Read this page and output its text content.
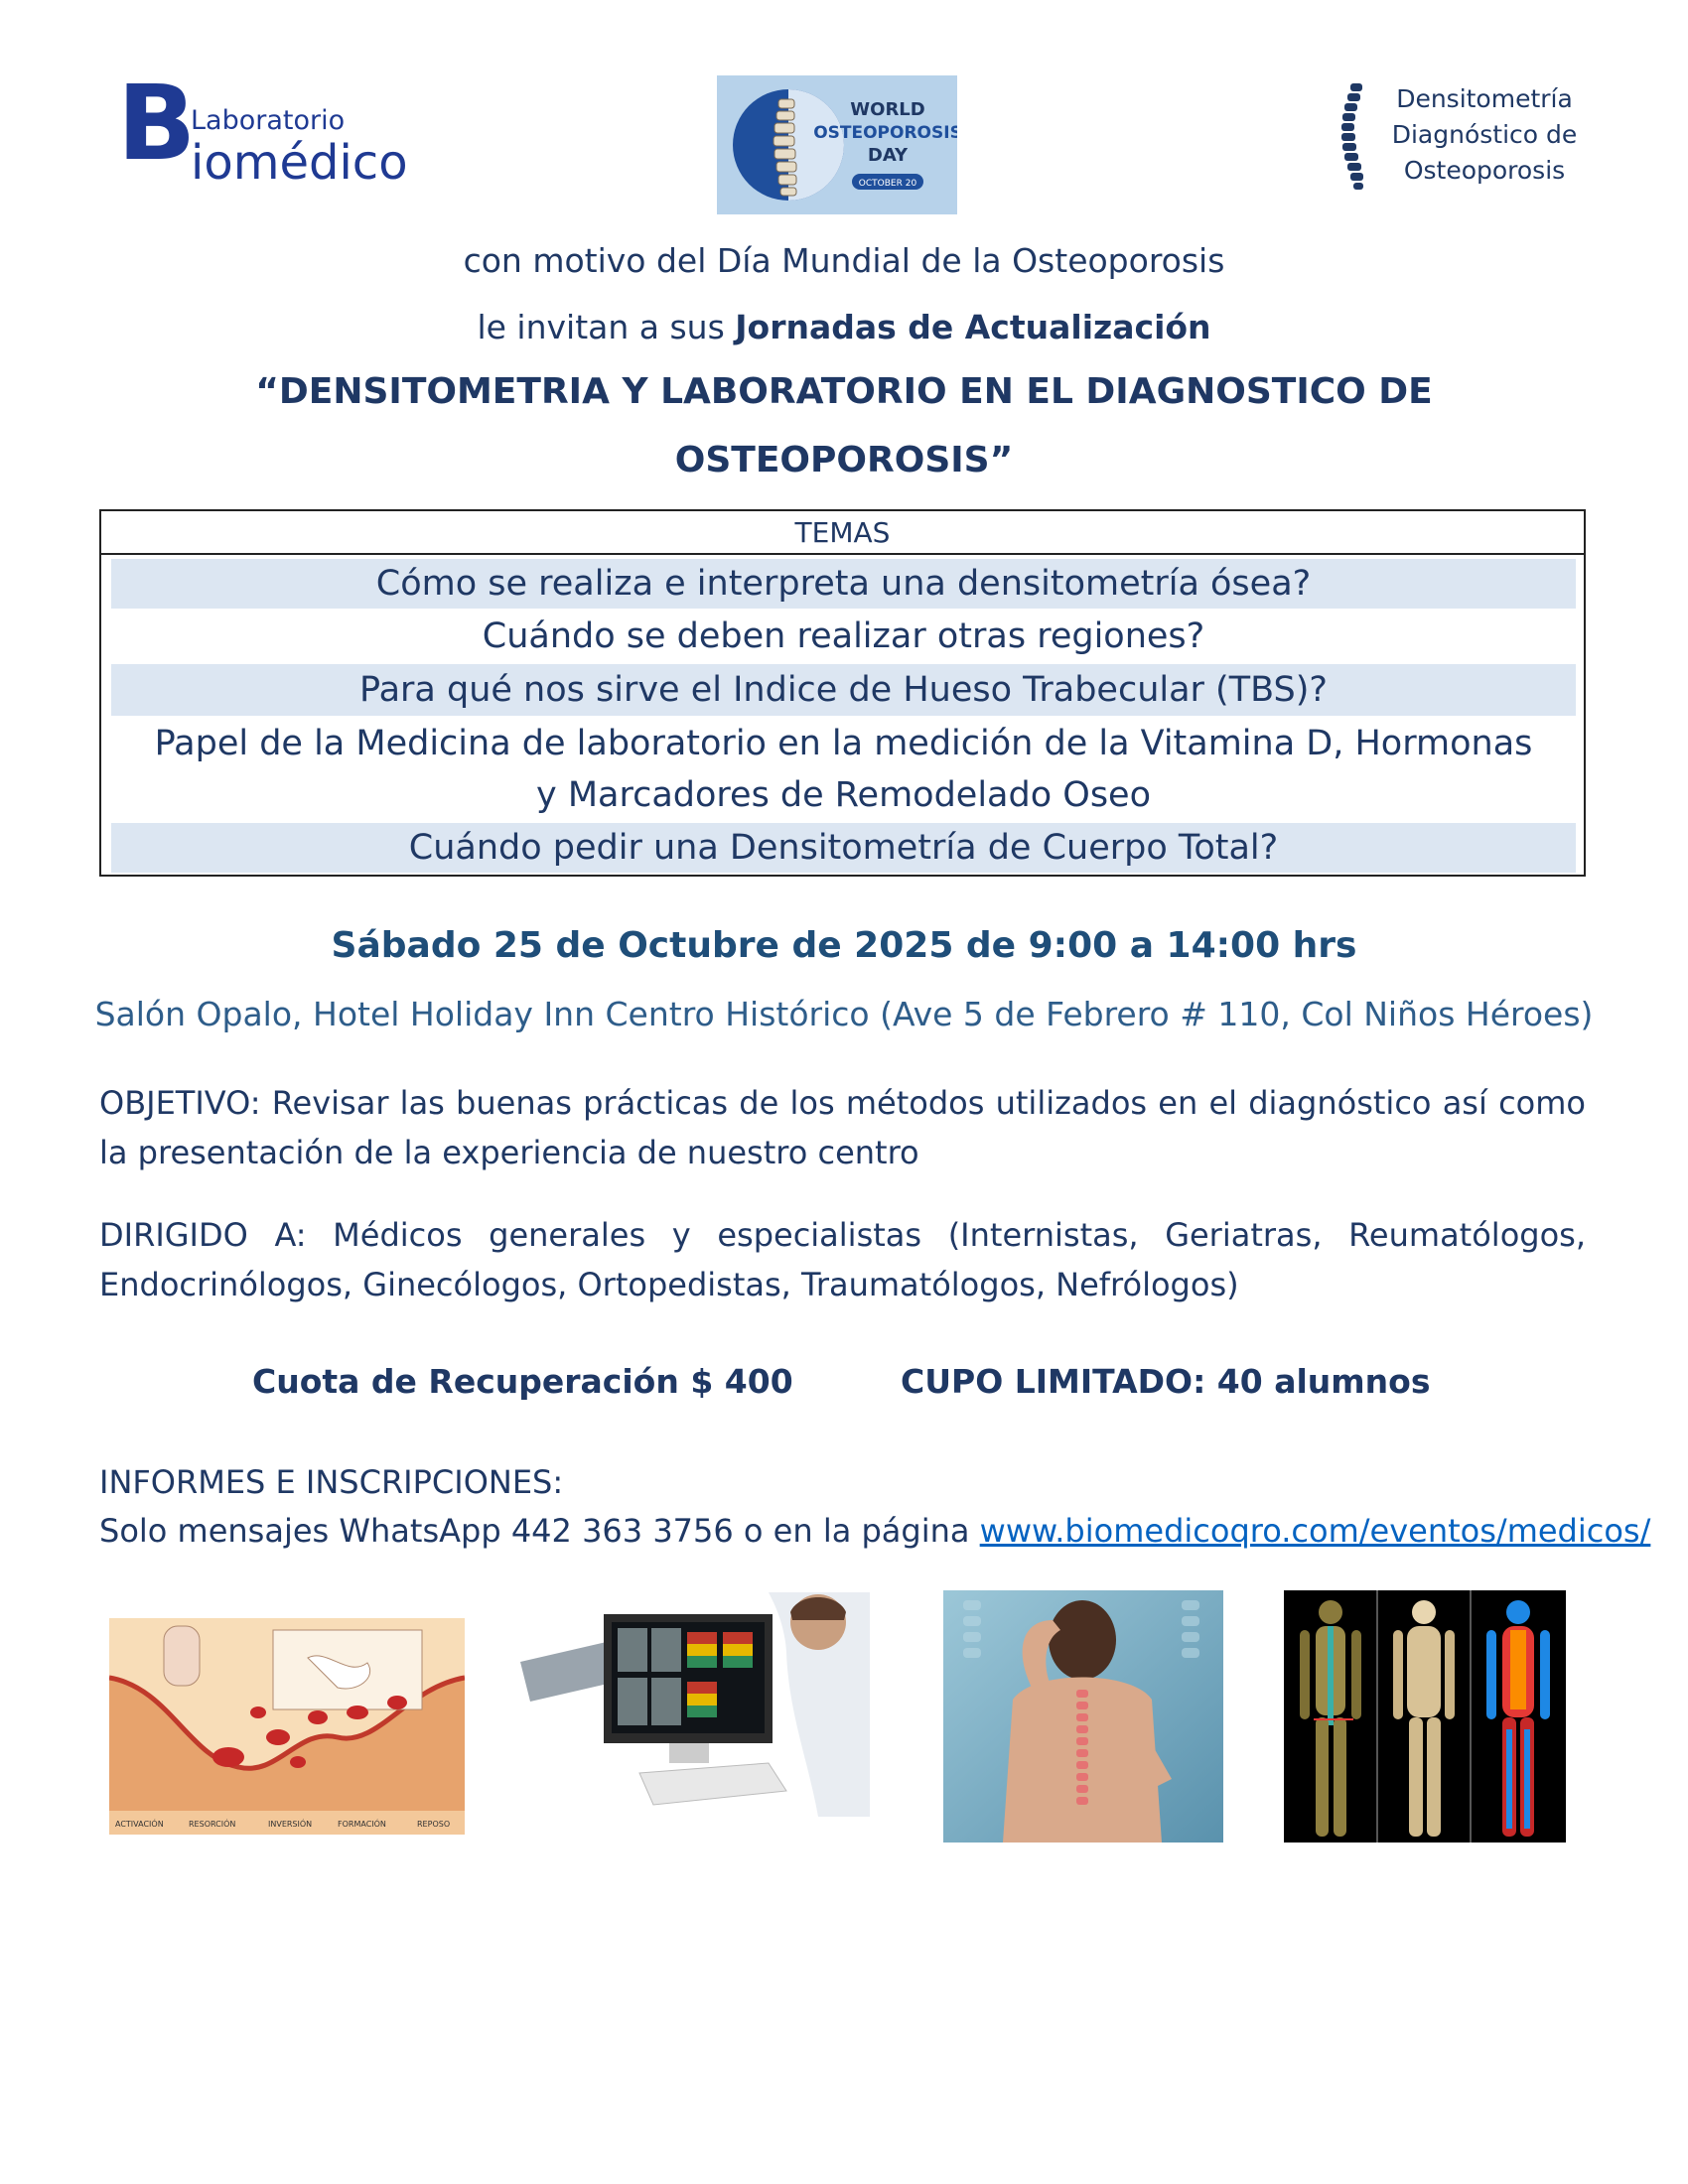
B
Laboratorio
iomédico
WORLD
OSTEOPOROSIS
DAY
OCTOBER 20
Densitometría
Diagnóstico de
Osteoporosis
con motivo del Día Mundial de la Osteoporosis
le invitan a sus Jornadas de Actualización
“DENSITOMETRIA Y LABORATORIO EN EL DIAGNOSTICO DE
OSTEOPOROSIS”
TEMAS
Cómo se realiza e interpreta una densitometría ósea?
Cuándo se deben realizar otras regiones?
Para qué nos sirve el Indice de Hueso Trabecular (TBS)?
Papel de la Medicina de laboratorio en la medición de la Vitamina D, Hormonas
y Marcadores de Remodelado Oseo
Cuándo pedir una Densitometría de Cuerpo Total?
Sábado 25 de Octubre de 2025 de 9:00 a 14:00 hrs
Salón Opalo, Hotel Holiday Inn Centro Histórico (Ave 5 de Febrero # 110, Col Niños Héroes)
OBJETIVO: Revisar las buenas prácticas de los métodos utilizados en el diagnóstico así como
la presentación de la experiencia de nuestro centro
DIRIGIDO A: Médicos generales y especialistas (Internistas, Geriatras, Reumatólogos,
Endocrinólogos, Ginecólogos, Ortopedistas, Traumatólogos, Nefrólogos)
Cuota de Recuperación $ 400	CUPO LIMITADO: 40 alumnos
INFORMES E INSCRIPCIONES:
Solo mensajes WhatsApp 442 363 3756 o en la página www.biomedicoqro.com/eventos/medicos/
ACTIVACIÓN	RESORCIÓN	INVERSIÓN	FORMACIÓN	REPOSO
